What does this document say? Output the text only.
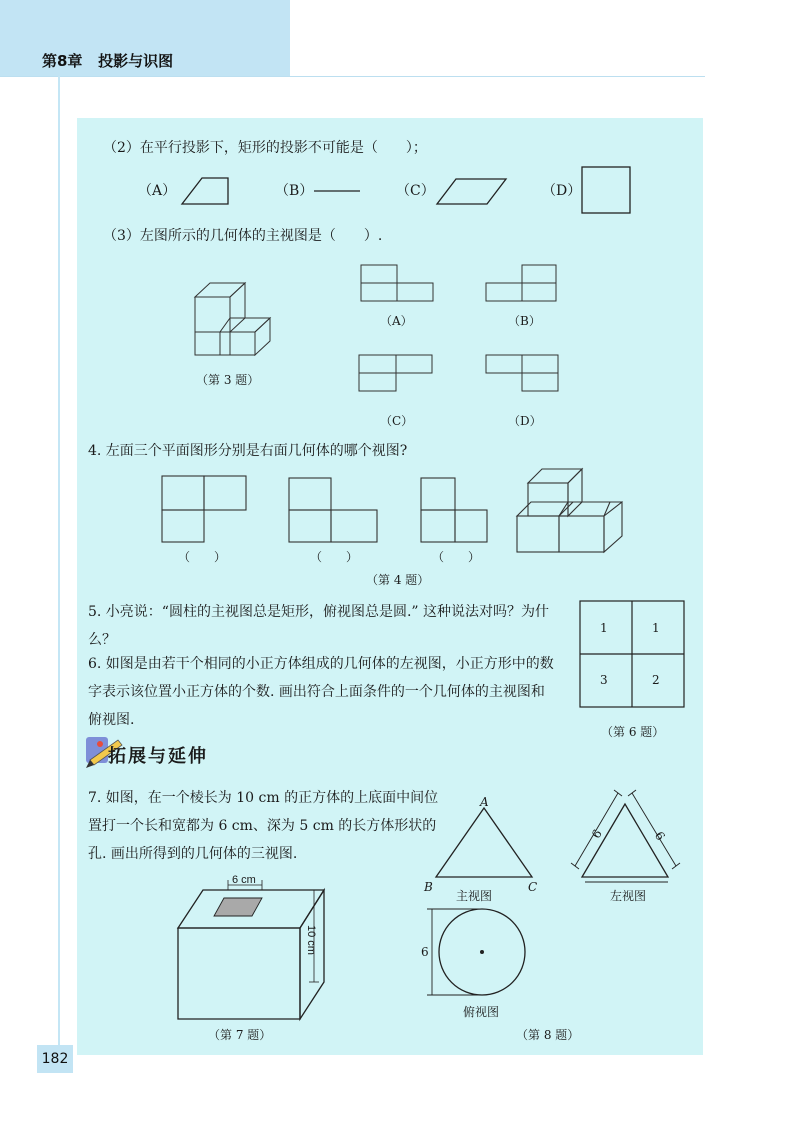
第8章 投影与识图
182
（2）在平行投影下，矩形的投影不可能是（　　）；
（A）	（B）	（C）	（D）
（3）左图所示的几何体的主视图是（　　）.
（A）	（B）
（第 3 题）
（C）	（D）
4. 左面三个平面图形分别是右面几何体的哪个视图?
（　　）	（　　）	（　　）
（第 4 题）
5. 小亮说：“圆柱的主视图总是矩形，俯视图总是圆.” 这种说法对吗？为什么？
6. 如图是由若干个相同的小正方体组成的几何体的左视图，小正方形中的数字表示该位置小正方体的个数. 画出符合上面条件的一个几何体的主视图和俯视图.
1	1
3	2
（第 6 题）
拓展与延伸
7. 如图，在一个棱长为 10 cm 的正方体的上底面中间位置打一个长和宽都为 6 cm、深为 5 cm 的长方体形状的孔. 画出所得到的几何体的三视图.
6 cm
10 cm
（第 7 题）
A
B	C
主视图
6	6
左视图
6
俯视图
（第 8 题）
